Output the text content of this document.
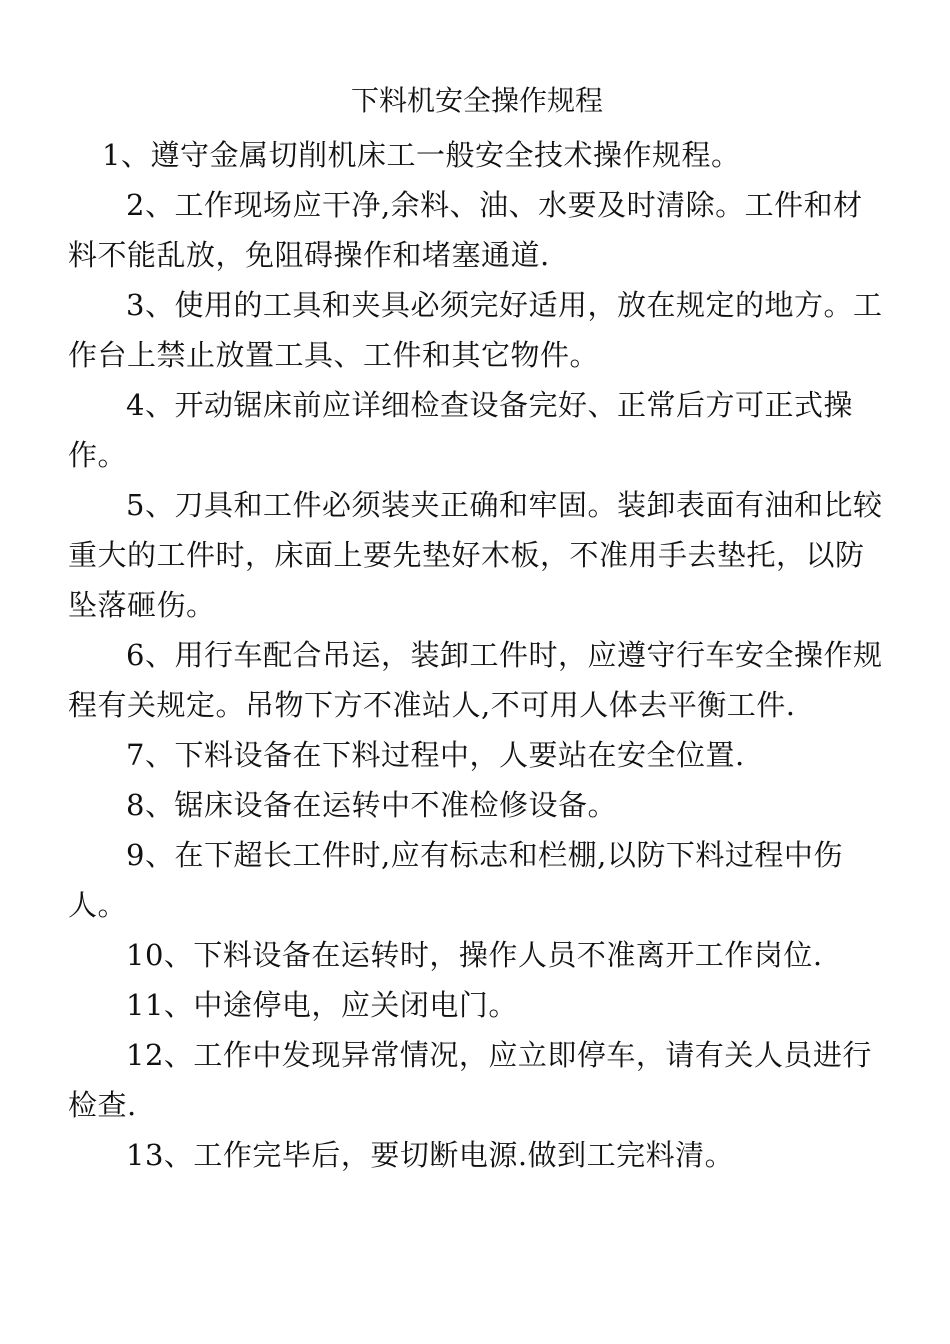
下料机安全操作规程

1、遵守金属切削机床工一般安全技术操作规程。

2、工作现场应干净,余料、油、水要及时清除。工件和材料不能乱放，免阻碍操作和堵塞通道.

3、使用的工具和夹具必须完好适用，放在规定的地方。工作台上禁止放置工具、工件和其它物件。

4、开动锯床前应详细检查设备完好、正常后方可正式操作。

5、刀具和工件必须装夹正确和牢固。装卸表面有油和比较重大的工件时，床面上要先垫好木板，不准用手去垫托，以防坠落砸伤。

6、用行车配合吊运，装卸工件时，应遵守行车安全操作规程有关规定。吊物下方不准站人,不可用人体去平衡工件.

7、下料设备在下料过程中，人要站在安全位置.

8、锯床设备在运转中不准检修设备。

9、在下超长工件时,应有标志和栏棚,以防下料过程中伤人。

10、下料设备在运转时，操作人员不准离开工作岗位.

11、中途停电，应关闭电门。

12、工作中发现异常情况，应立即停车，请有关人员进行检查.

13、工作完毕后，要切断电源.做到工完料清。
